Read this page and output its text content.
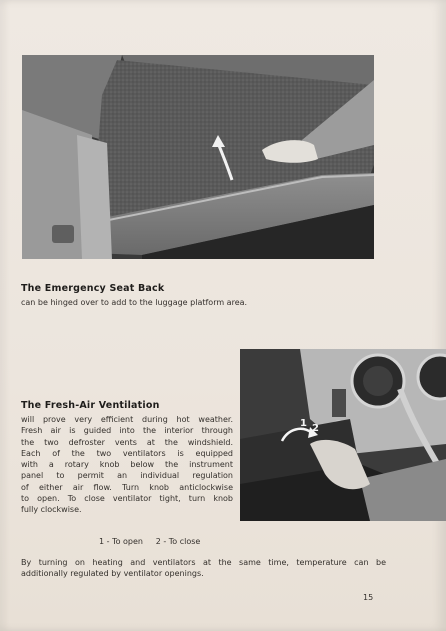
The Emergency Seat Back

can be hinged over to add to the luggage platform area.

1 2
The Fresh-Air Ventilation
will prove very efficient during hot weather.
Fresh air is guided into the interior through
the two defroster vents at the windshield.
Each of the two ventilators is equipped
with a rotary knob below the instrument
panel to permit an individual regulation
of either air flow. Turn knob anticlockwise
to open. To close ventilator tight, turn knob
fully clockwise.
1 - To open     2 - To close
By turning on heating and ventilators at the same time, temperature can be
additionally regulated by ventilator openings.
15
